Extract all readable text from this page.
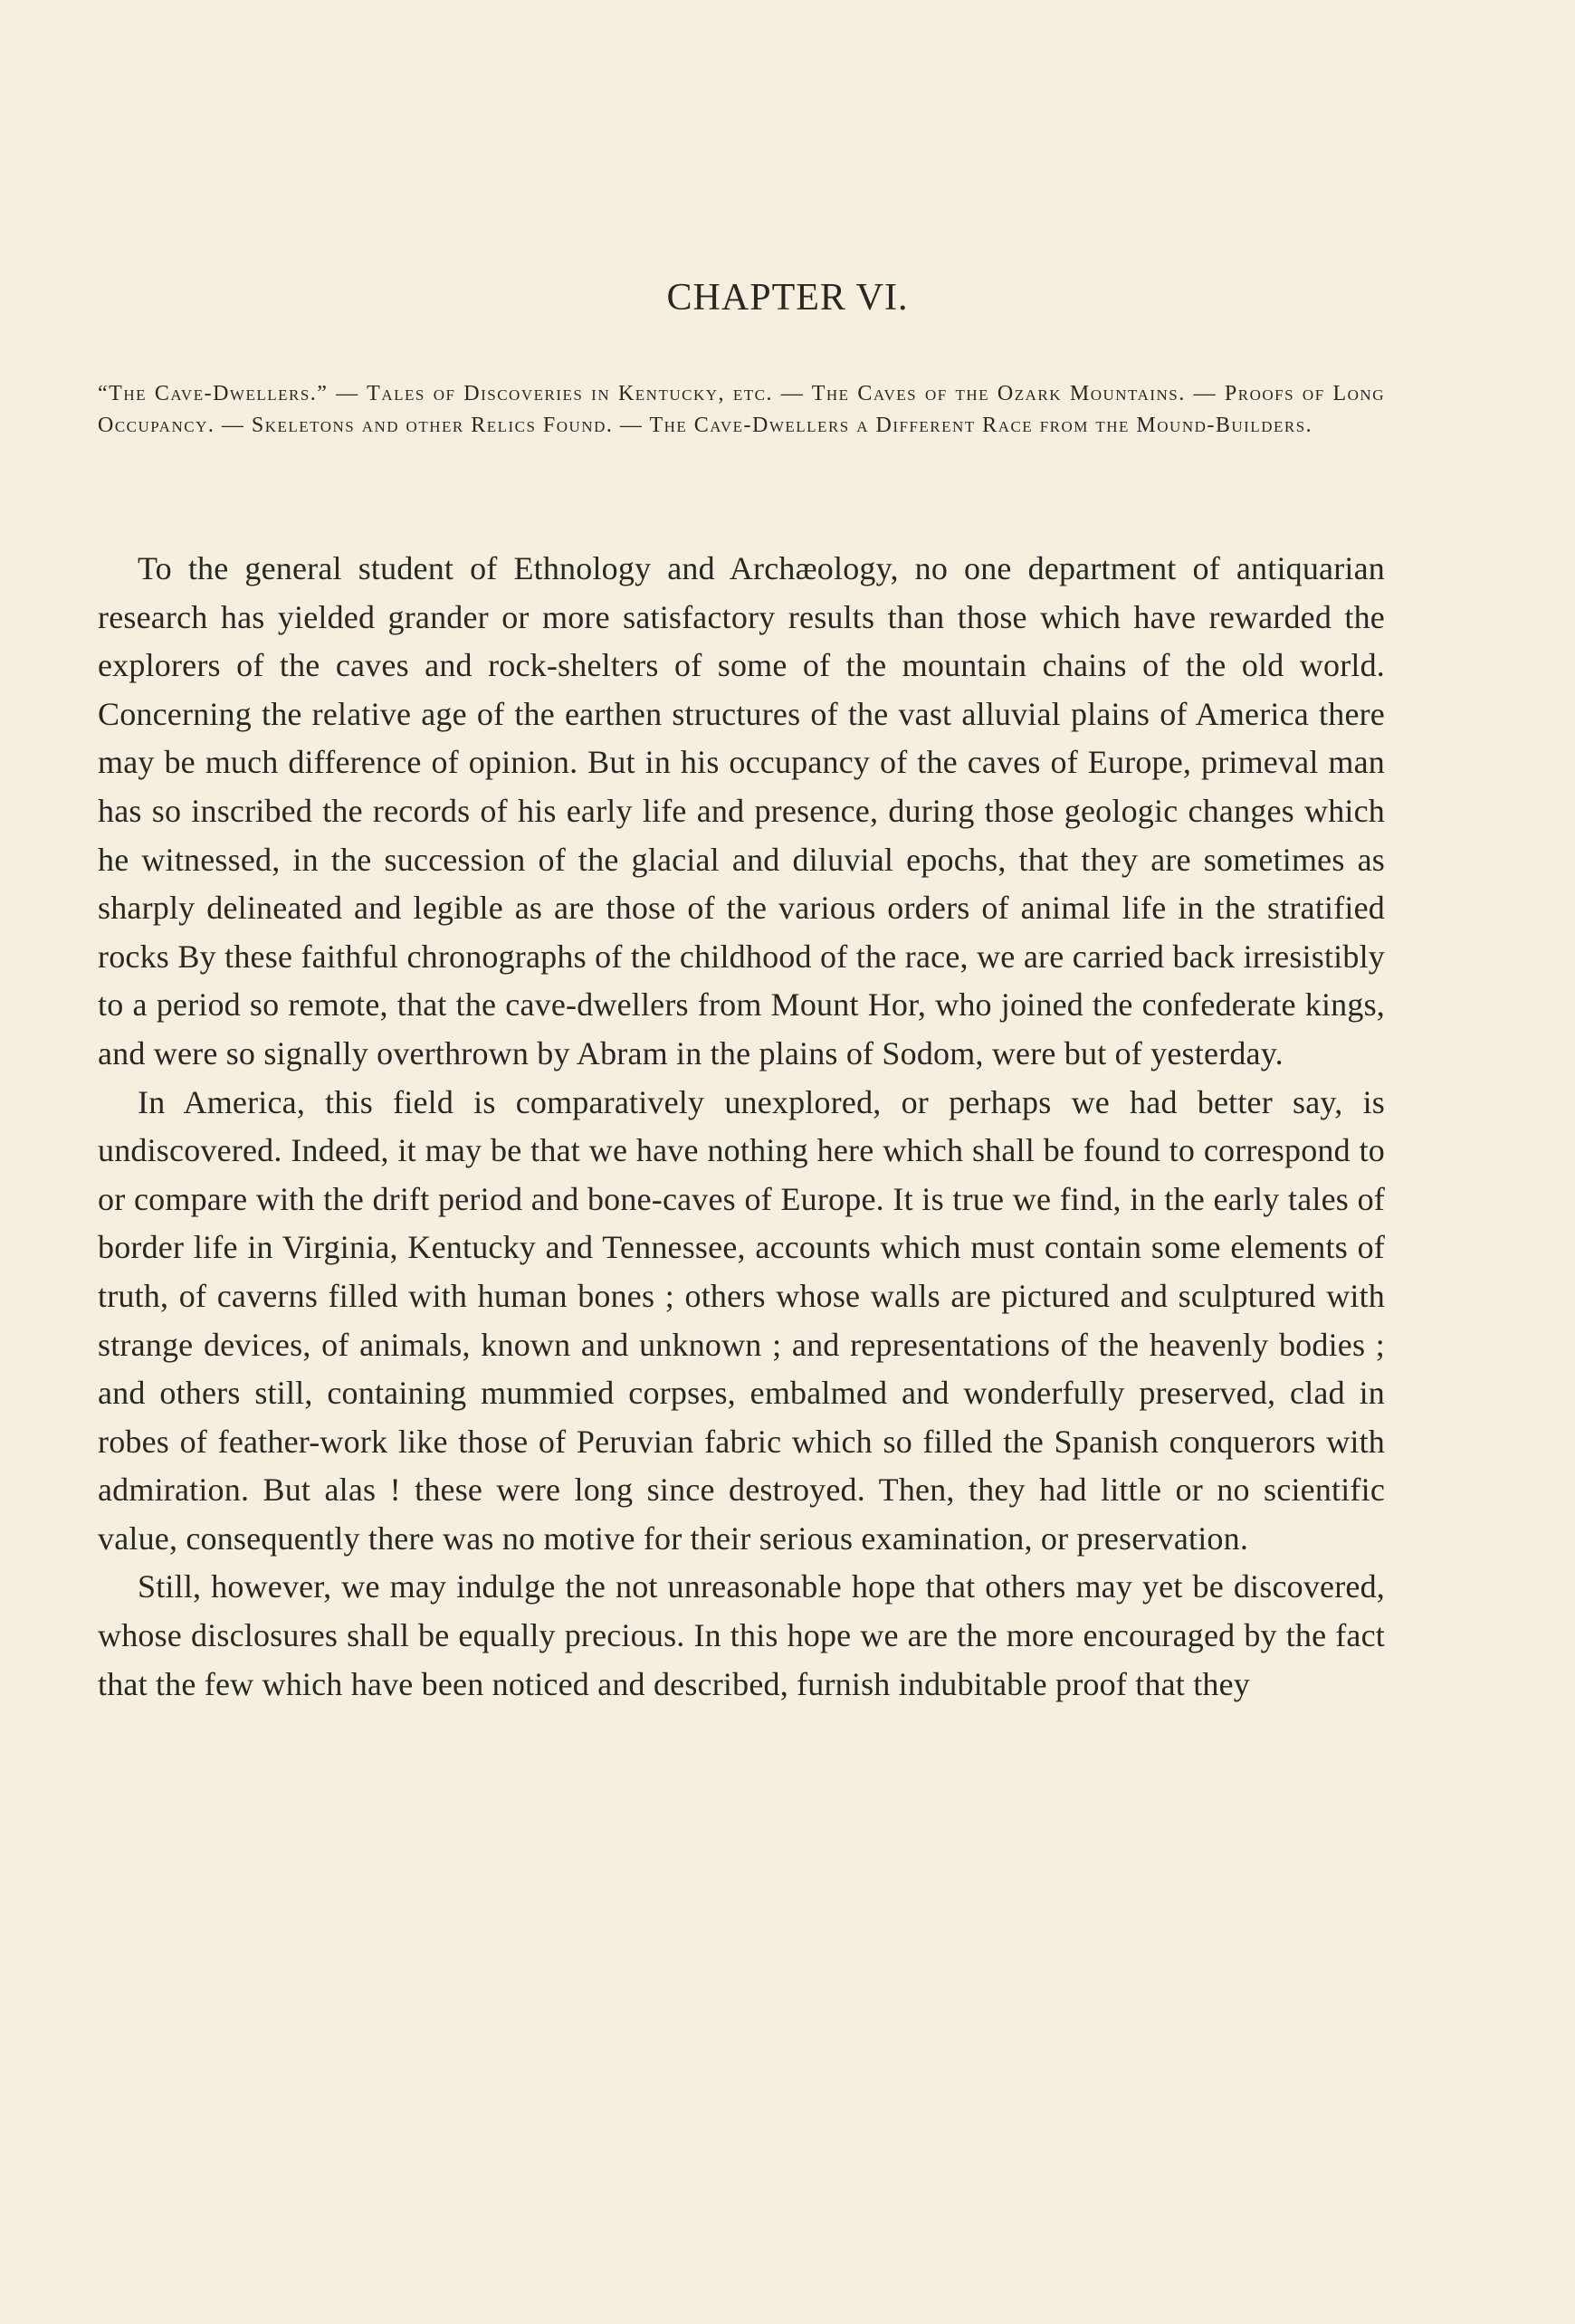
CHAPTER VI.

“The Cave-Dwellers.” — Tales of Discoveries in Kentucky, etc. — The Caves of the Ozark Mountains. — Proofs of Long Occupancy. — Skeletons and other Relics Found. — The Cave-Dwellers a Different Race from the Mound-Builders.

To the general student of Ethnology and Archæology, no one department of antiquarian research has yielded grander or more satisfactory results than those which have rewarded the explorers of the caves and rock-shelters of some of the mountain chains of the old world. Concerning the relative age of the earthen structures of the vast alluvial plains of America there may be much difference of opinion. But in his occupancy of the caves of Europe, primeval man has so inscribed the records of his early life and presence, during those geologic changes which he witnessed, in the succession of the glacial and diluvial epochs, that they are sometimes as sharply delineated and legible as are those of the various orders of animal life in the stratified rocks By these faithful chronographs of the childhood of the race, we are carried back irresistibly to a period so remote, that the cave-dwellers from Mount Hor, who joined the confederate kings, and were so signally overthrown by Abram in the plains of Sodom, were but of yesterday.

In America, this field is comparatively unexplored, or perhaps we had better say, is undiscovered. Indeed, it may be that we have nothing here which shall be found to correspond to or compare with the drift period and bone-caves of Europe. It is true we find, in the early tales of border life in Virginia, Kentucky and Tennessee, accounts which must contain some elements of truth, of caverns filled with human bones ; others whose walls are pictured and sculptured with strange devices, of animals, known and unknown ; and representations of the heavenly bodies ; and others still, containing mummied corpses, embalmed and wonderfully preserved, clad in robes of feather-work like those of Peruvian fabric which so filled the Spanish conquerors with admiration. But alas ! these were long since destroyed. Then, they had little or no scientific value, consequently there was no motive for their serious examination, or preservation.

Still, however, we may indulge the not unreasonable hope that others may yet be discovered, whose disclosures shall be equally precious. In this hope we are the more encouraged by the fact that the few which have been noticed and described, furnish indubitable proof that they
